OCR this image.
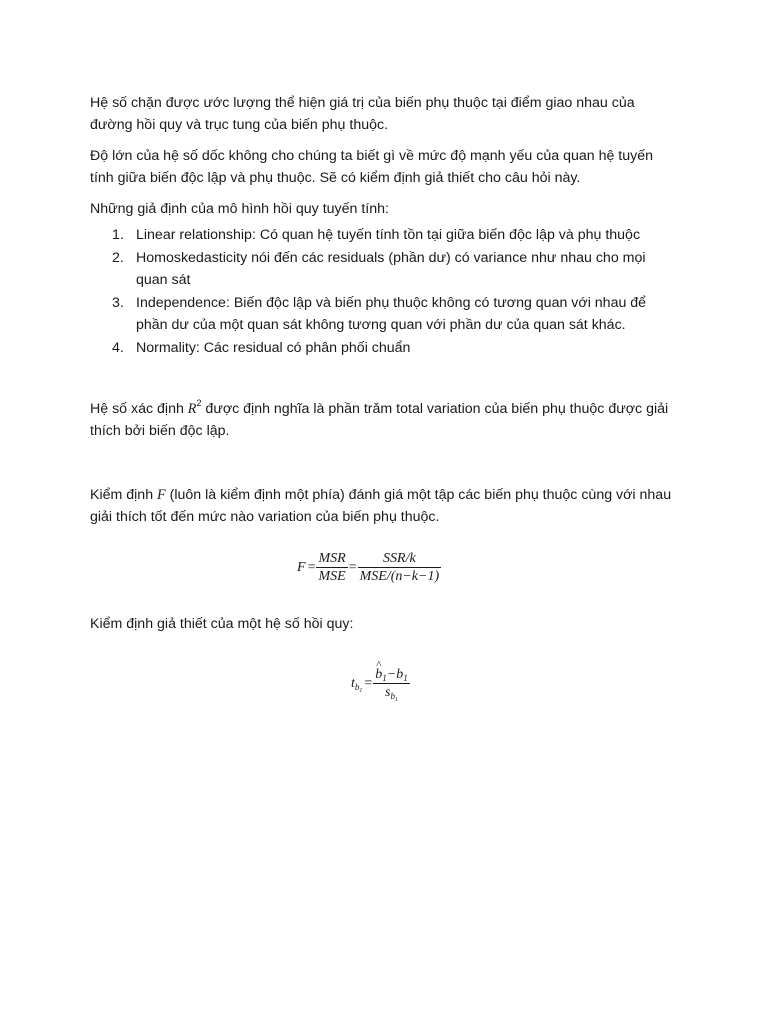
Hệ số chặn được ước lượng thể hiện giá trị của biến phụ thuộc tại điểm giao nhau của đường hồi quy và trục tung của biến phụ thuộc.

Độ lớn của hệ số dốc không cho chúng ta biết gì về mức độ mạnh yếu của quan hệ tuyến tính giữa biến độc lập và phụ thuộc. Sẽ có kiểm định giả thiết cho câu hỏi này.

Những giả định của mô hình hồi quy tuyến tính:

1. Linear relationship: Có quan hệ tuyến tính tồn tại giữa biến độc lập và phụ thuộc
2. Homoskedasticity nói đến các residuals (phần dư) có variance như nhau cho mọi quan sát
3. Independence: Biến độc lập và biến phụ thuộc không có tương quan với nhau để phần dư của một quan sát không tương quan với phần dư của quan sát khác.
4. Normality: Các residual có phân phối chuẩn

Hệ số xác định $R^2$ được định nghĩa là phần trăm total variation của biến phụ thuộc được giải thích bởi biến độc lập.

Kiểm định F (luôn là kiểm định một phía) đánh giá một tập các biến phụ thuộc cùng với nhau giải thích tốt đến mức nào variation của biến phụ thuộc.

Kiểm định giả thiết của một hệ số hồi quy:

$F = \frac{\text{MSR}}{\text{MSE}} = \frac{\text{SSR/k}}{\text{MSE/(n−k−1)}}$
$t_{b_1}$ =
^ $\frac{b_1-b_1}{s_{b_1}}$
